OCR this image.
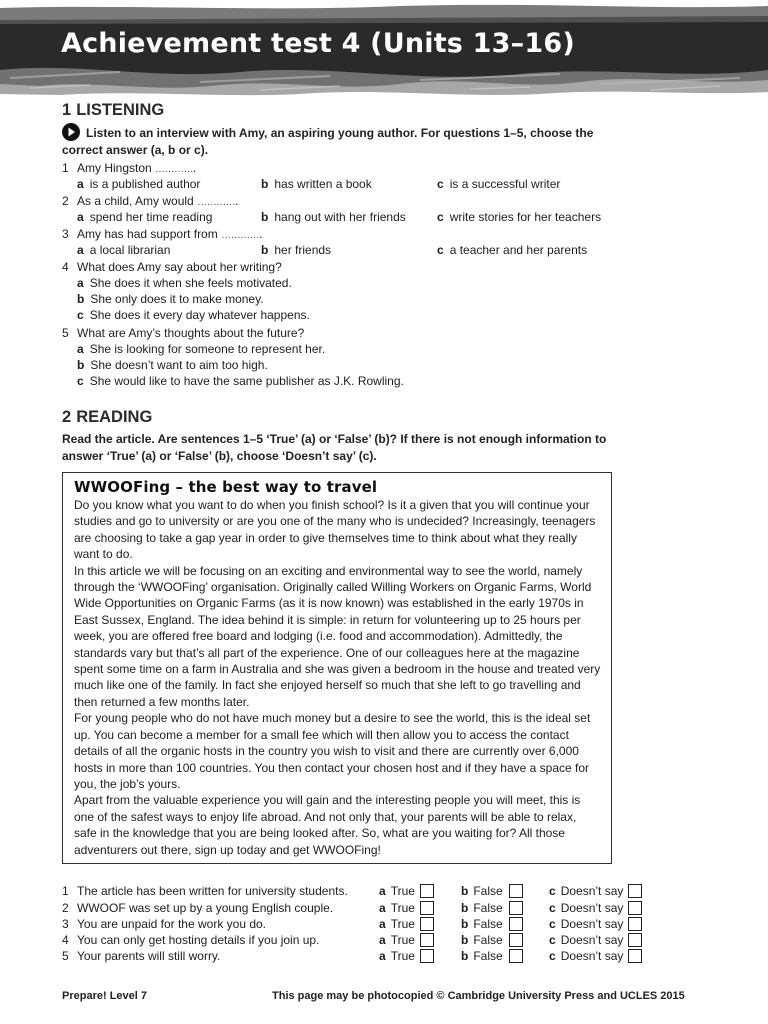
Achievement test 4 (Units 13–16)
1 LISTENING

Listen to an interview with Amy, an aspiring young author. For questions 1–5, choose the correct answer (a, b or c).

1 Amy Hingston ………….
a is a published author	b has written a book	c is a successful writer
2 As a child, Amy would ………….
a spend her time reading	b hang out with her friends	c write stories for her teachers
3 Amy has had support from ………….
a a local librarian	b her friends	c a teacher and her parents
4 What does Amy say about her writing?
a She does it when she feels motivated.
b She only does it to make money.
c She does it every day whatever happens.
5 What are Amy’s thoughts about the future?
a She is looking for someone to represent her.
b She doesn’t want to aim too high.
c She would like to have the same publisher as J.K. Rowling.
2 READING

Read the article. Are sentences 1–5 ‘True’ (a) or ‘False’ (b)? If there is not enough information to answer ‘True’ (a) or ‘False’ (b), choose ‘Doesn’t say’ (c).

WWOOFing – the best way to travel

Do you know what you want to do when you finish school? Is it a given that you will continue your studies and go to university or are you one of the many who is undecided? Increasingly, teenagers are choosing to take a gap year in order to give themselves time to think about what they really want to do.

In this article we will be focusing on an exciting and environmental way to see the world, namely through the ‘WWOOFing’ organisation. Originally called Willing Workers on Organic Farms, World Wide Opportunities on Organic Farms (as it is now known) was established in the early 1970s in East Sussex, England. The idea behind it is simple: in return for volunteering up to 25 hours per week, you are offered free board and lodging (i.e. food and accommodation). Admittedly, the standards vary but that’s all part of the experience. One of our colleagues here at the magazine spent some time on a farm in Australia and she was given a bedroom in the house and treated very much like one of the family. In fact she enjoyed herself so much that she left to go travelling and then returned a few months later.

For young people who do not have much money but a desire to see the world, this is the ideal set up. You can become a member for a small fee which will then allow you to access the contact details of all the organic hosts in the country you wish to visit and there are currently over 6,000 hosts in more than 100 countries. You then contact your chosen host and if they have a space for you, the job’s yours.

Apart from the valuable experience you will gain and the interesting people you will meet, this is one of the safest ways to enjoy life abroad. And not only that, your parents will be able to relax, safe in the knowledge that you are being looked after. So, what are you waiting for? All those adventurers out there, sign up today and get WWOOFing!

1 The article has been written for university students.	a True	b False	c Doesn’t say
2 WWOOF was set up by a young English couple.	a True	b False	c Doesn’t say
3 You are unpaid for the work you do.	a True	b False	c Doesn’t say
4 You can only get hosting details if you join up.	a True	b False	c Doesn’t say
5 Your parents will still worry.	a True	b False	c Doesn’t say
Prepare! Level 7	This page may be photocopied © Cambridge University Press and UCLES 2015
